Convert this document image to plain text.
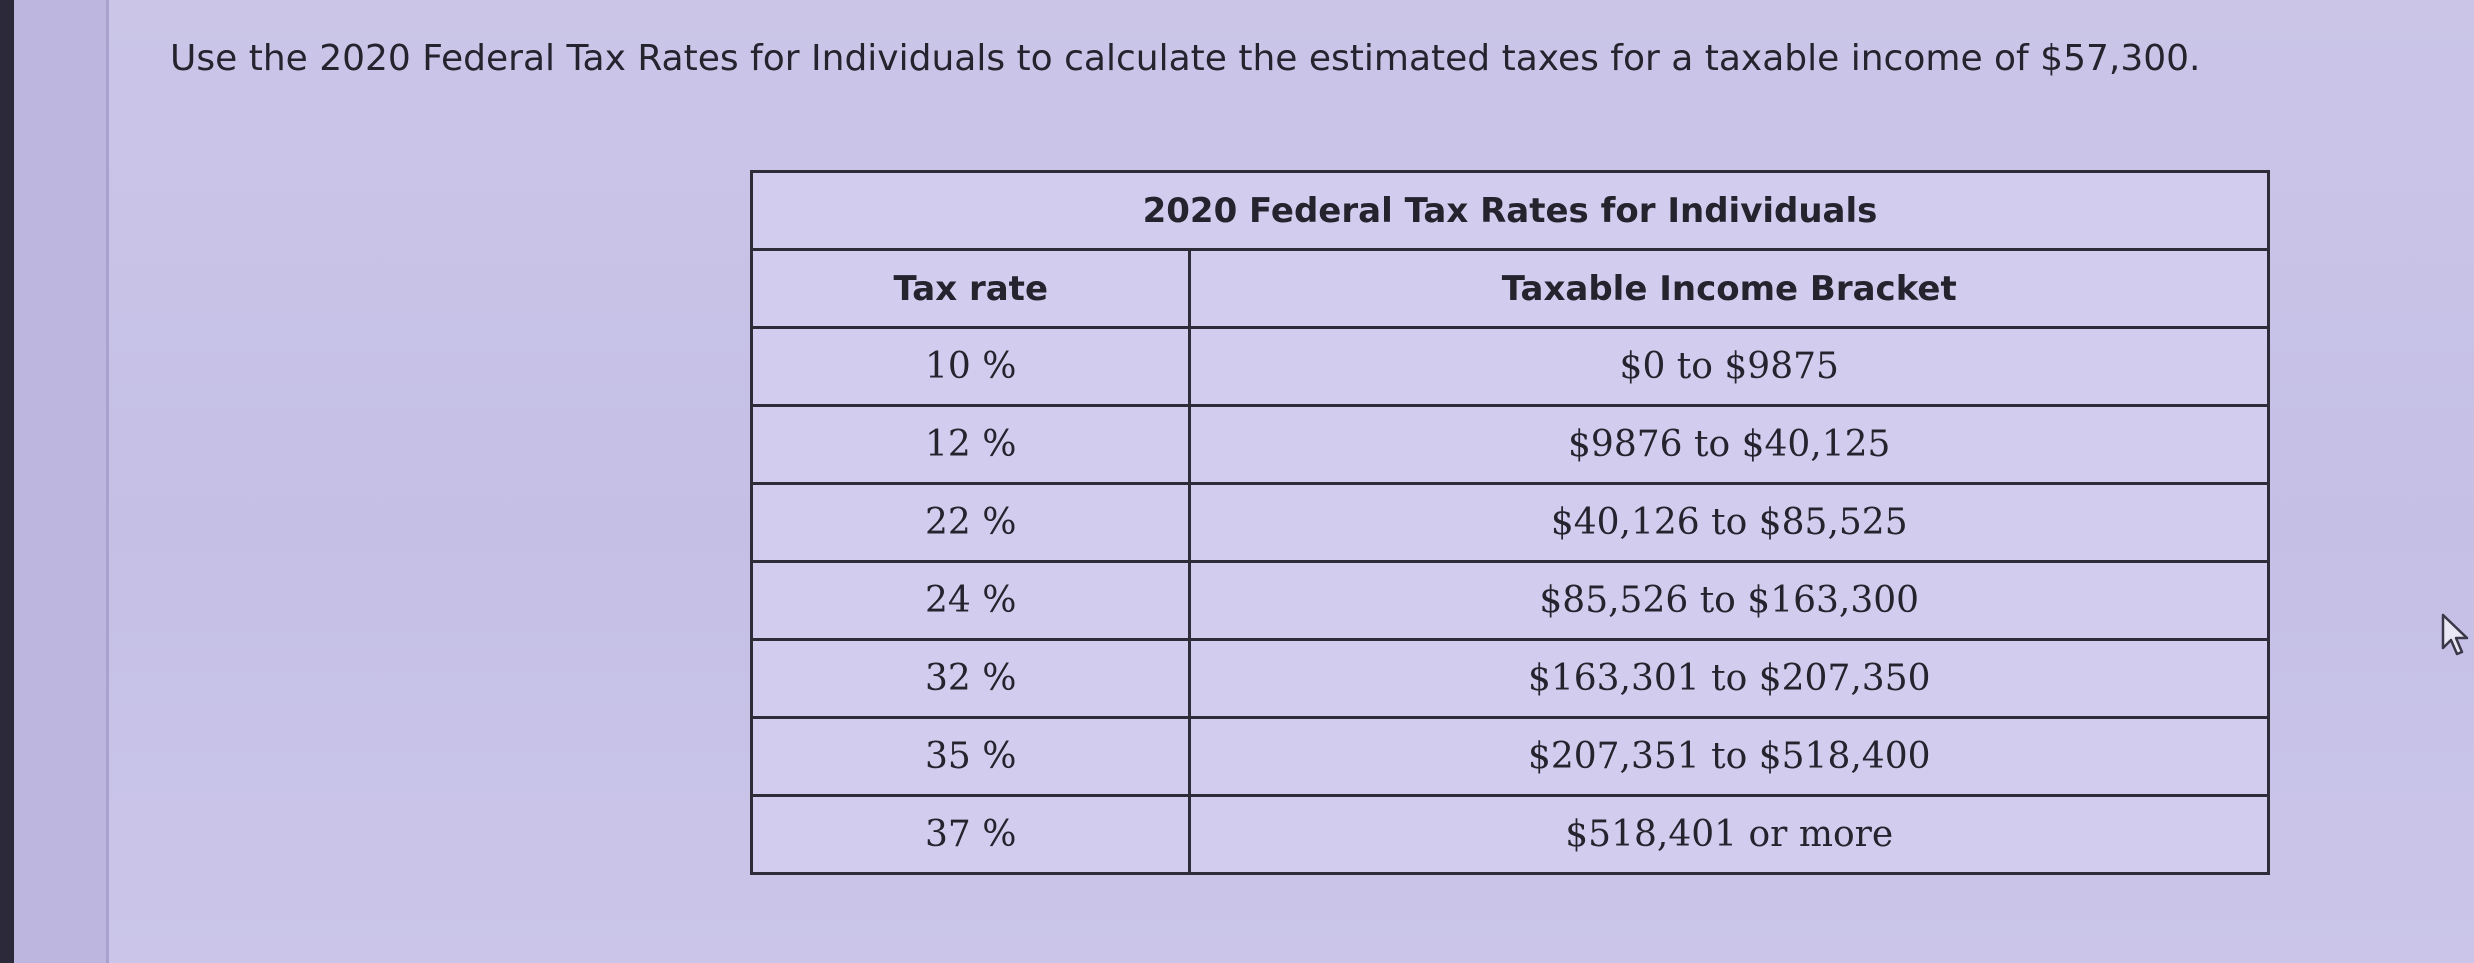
Use the 2020 Federal Tax Rates for Individuals to calculate the estimated taxes for a taxable income of $57,300.
2020 Federal Tax Rates for Individuals	
Tax rate	Taxable Income Bracket
10 %	$0 to $9875
12 %	$9876 to $40,125
22 %	$40,126 to $85,525
24 %	$85,526 to $163,300
32 %	$163,301 to $207,350
35 %	$207,351 to $518,400
37 %	$518,401 or more
